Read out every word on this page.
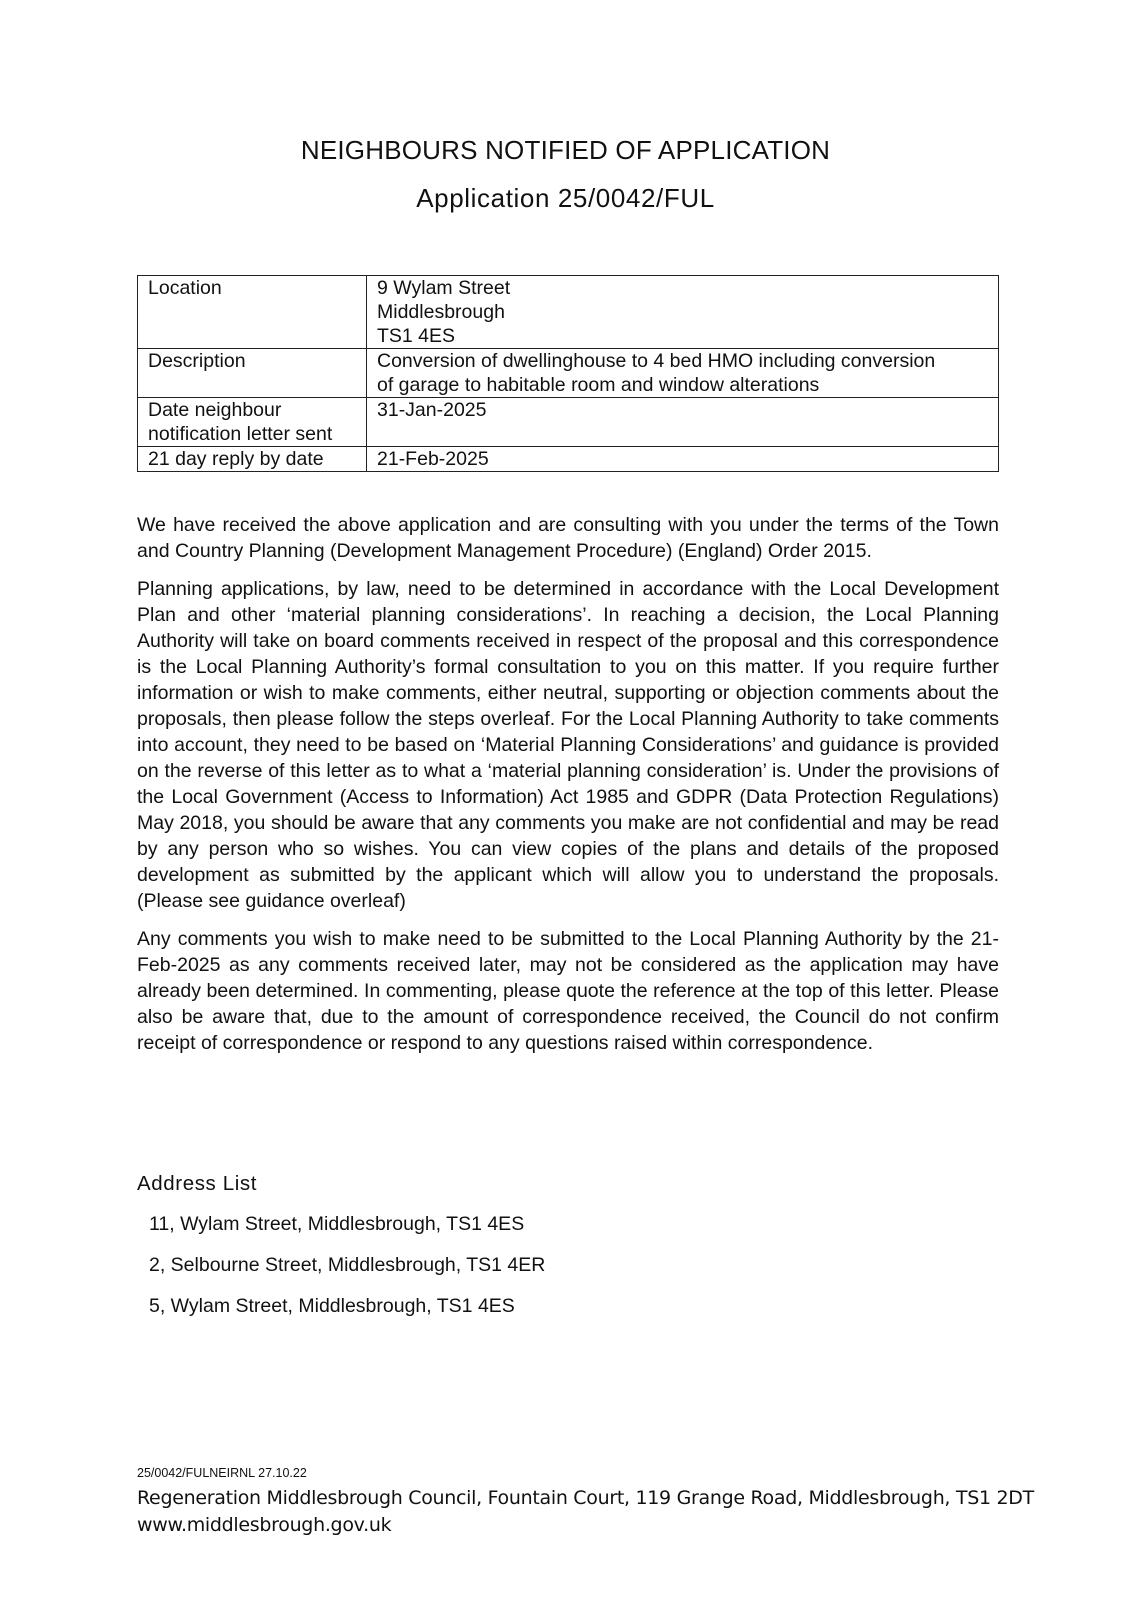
NEIGHBOURS NOTIFIED OF APPLICATION
Application 25/0042/FUL
Location	9 Wylam Street
Middlesbrough
TS1 4ES

Description	Conversion of dwellinghouse to 4 bed HMO including conversion
of garage to habitable room and window alterations

Date neighbour
notification letter sent	31-Jan-2025
21 day reply by date	21-Feb-2025

We have received the above application and are consulting with you under the terms of the Town and Country Planning (Development Management Procedure) (England) Order 2015.

Planning applications, by law, need to be determined in accordance with the Local Development Plan and other ‘material planning considerations’. In reaching a decision, the Local Planning Authority will take on board comments received in respect of the proposal and this correspondence is the Local Planning Authority’s formal consultation to you on this matter. If you require further information or wish to make comments, either neutral, supporting or objection comments about the proposals, then please follow the steps overleaf. For the Local Planning Authority to take comments into account, they need to be based on ‘Material Planning Considerations’ and guidance is provided on the reverse of this letter as to what a ‘material planning consideration’ is. Under the provisions of the Local Government (Access to Information) Act 1985 and GDPR (Data Protection Regulations) May 2018, you should be aware that any comments you make are not confidential and may be read by any person who so wishes. You can view copies of the plans and details of the proposed development as submitted by the applicant which will allow you to understand the proposals. (Please see guidance overleaf)

Any comments you wish to make need to be submitted to the Local Planning Authority by the 21-Feb-2025 as any comments received later, may not be considered as the application may have already been determined. In commenting, please quote the reference at the top of this letter. Please also be aware that, due to the amount of correspondence received, the Council do not confirm receipt of correspondence or respond to any questions raised within correspondence.

Address List
11, Wylam Street, Middlesbrough, TS1 4ES
2, Selbourne Street, Middlesbrough, TS1 4ER
5, Wylam Street, Middlesbrough, TS1 4ES
25/0042/FULNEIRNL 27.10.22
Regeneration Middlesbrough Council, Fountain Court, 119 Grange Road, Middlesbrough, TS1 2DT
www.middlesbrough.gov.uk
